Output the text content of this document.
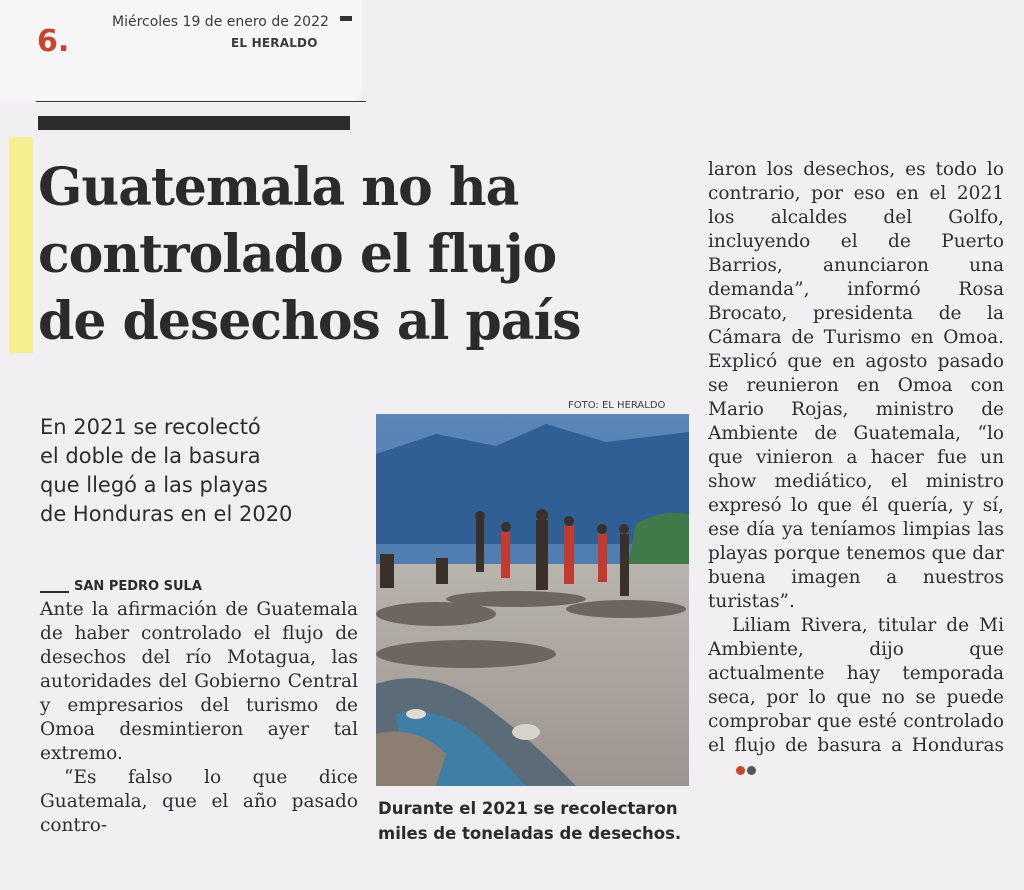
6.
Miércoles 19 de enero de 2022
EL HERALDO
Guatemala no ha
controlado el flujo
de desechos al país
En 2021 se recolectó
el doble de la basura
que llegó a las playas
de Honduras en el 2020
SAN PEDRO SULA

Ante la afirmación de Guatemala de haber controlado el flujo de desechos del río Motagua, las autoridades del Gobierno Central y empresarios del turismo de Omoa desmintieron ayer tal extremo.

“Es falso lo que dice Guatemala, que el año pasado contro-

FOTO: EL HERALDO
Durante el 2021 se recolectaron
miles de toneladas de desechos.

laron los desechos, es todo lo contrario, por eso en el 2021 los alcaldes del Golfo, incluyendo el de Puerto Barrios, anunciaron una demanda”, informó Rosa Brocato, presidenta de la Cámara de Turismo en Omoa. Explicó que en agosto pasado se reunieron en Omoa con Mario Rojas, ministro de Ambiente de Guatemala, “lo que vinieron a hacer fue un show mediático, el ministro expresó lo que él quería, y sí, ese día ya teníamos limpias las playas porque tenemos que dar buena imagen a nuestros turistas”.

Liliam Rivera, titular de Mi Ambiente, dijo que actualmente hay temporada seca, por lo que no se puede comprobar que esté controlado el flujo de basura a Honduras
